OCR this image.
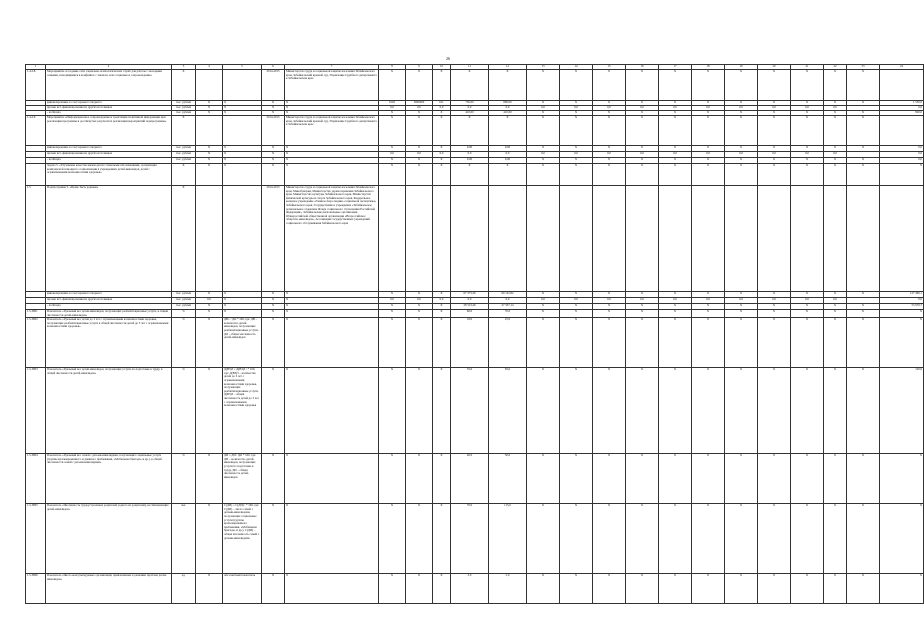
26
1	2	3	4	5	6	7	8	9	10	11	12	13	14	15	16	17	18	19	20	21	22	23	24
1.4.2.8.	Мероприятие «Создание сети социально-психологических служб для работы с молодыми семьями, находящимися в конфликте с законом, и их социальное сопровождение»	X			2014-2015	Министерство труда и социальной защиты населения Забайкальского края, Забайкальский краевой суд, Управление Судебного департамента в Забайкальском крае	X	X	X	X	X	X	X	X	X	X	X	X	X	X	X	X	
	финансирование за счет краевого бюджета	тыс. рублей	X	X	X	X	1002	3690000	611	750,00	800,00	X	X	X	X	X	X	X	X	X	X	X	1 550,0
	прочие ист. финансирования из других источников	тыс. рублей	X	X	X	X	0,0	0,0	0,0	0,0	0,0	0,0	0,0	0,0	0,0	0,0	0,0	0,0	0,0	0,0	0,0		0,0
	- из Фонда	тыс. рублей	X	X	X	X	X	X	X	410,00	410,00	X	X	X	X	X	X	X	X	X	X	X	820,0
1.4.2.9.	Мероприятие «Информационное сопровождение и трансляция позитивной информации при реализации программы и достигнутых результатах реализации мероприятий подпрограммы»	X			2014-2015	Министерство труда и социальной защиты населения Забайкальского края, Забайкальский краевой суд, Управление Судебного департамента в Забайкальском крае	X	X	X	X	X	X	X	X	X	X	X	X	X	X	X	X	
	финансирование за счет краевого бюджета	тыс. рублей	X	X	X	X	X	X	X	0,00	0,00	X	X	X	X	X	X	X	X	X	X	X	0,0
	прочие ист. финансирования из других источников	тыс. рублей	X	X	X	X	0,0	0,0	0,0	0,0	0,0	0,0	0,0	0,0	0,0	0,0	0,0	0,0	0,0	0,0	0,0		0,0
	- из Фонда	тыс. рублей	X	X	X	X	X	X	X	0,00	0,00	X	X	X	X	X	X	X	X	X	X	X	0,0
	Задача 5. «Улучшение качества жизни детей с тяжелыми заболеваниями, организация комплексной помощи по социализации в учреждениях детей-инвалидов, детей с ограниченными возможностями здоровья»	X	X	X	X	X	X	X	X	X	X	X	X	X	X	X	X	X	X	X	X	X	X
1.5	Подпрограмма 5. «Право быть родным»	X			2014-2015	Министерство труда и социальной защиты населения Забайкальского края, Минобрнауки, Министерство здравоохранения Забайкальского края, Министерство культуры Забайкальского края, Министерство физической культуры и спорта Забайкальского края, Федеральное казенное учреждение «Главное бюро медико-социальной экспертизы» Забайкальского края, Государственное учреждение «Забайкальское региональное отделение Фонда социального страхования Российской Федерации», Забайкальские региональные организации Общероссийской общественной организации «Всероссийское общество инвалидов», Ассоциация государственных учреждений социального обслуживания Забайкальского края																	
	финансирование за счет краевого бюджета	тыс. рублей	X	X	X	X	X	X	X	67 373,26	60 122,82	X	X	X	X	X	X	X	X	X	X	X	127 496,1
	прочие ист. финансирования из других источников	тыс. рублей	0,0	X	X	X	0,0	0,0	0,0	0,0	0,0	0,0	0,0	0,0	0,0	0,0	0,0	0,0	0,0	0,0	0,0		0,0
	- из Фонда	тыс. рублей	X	X	X	X	X	X	X	28 313,46	27 357,14	X	X	X	X	X	X	X	X	X	X	X	55 670,7
1.5-ПП1	Показатель «Удельный вес детей-инвалидов, получающих реабилитационные услуги, в общей численности детей-инвалидов»	%	X	X	X	X	X	X	X	60,0	70,0	X	X	X	X	X	X	X	X	X	X	X	X
1.5-ПП2	Показатель «Удельный вес детей до 3 лет с ограниченными возможностями здоровья, получающих реабилитационные услуги в общей численности детей до 3 лет с ограниченными возможностями здоровья»	%	X	ДВ= / ДО * 100, где: ДВ – количество детей-инвалидов, получающих реабилитационные услуги, ДО - общая численность детей-инвалидов	X	X	X	X	X	18,0	25,0	X	X	X	X	X	X	X	X	X	X	X	X
1.5-ПП3	Показатель «Удельный вес детей-инвалидов, получающих услуги по подготовке к труду, в общей численности детей-инвалидов»	%	X	Д(ВЗ)3 = Д(ВЗ)3 / * 100, где: Д(ВЗ)3 – количество детей до 3 лет с ограниченными возможностями здоровья, получающих реабилитационные услуги, Д(ВЗ)3 – общая численность детей до 3 лет с ограниченными возможностями здоровья	X	X	X	X	X	55,0	65,0	X	X	X	X	X	X	X	X	X	X	X	120,0
1.5-ПП4	Показатель «Удельный вес семей с детьми-инвалидами, получающих социальные услуги (группы кратковременного и дневного пребывания, «Мобильная бригада» и др.), в общей численности семей с детьми-инвалидами»	%	X	ДИ = ДИ / ДО * 100, где: ДИ – количество детей-инвалидов, получающих услуги по подготовке к труду, ДИ – общая численность детей-инвалидов	X	X	X	X	X	40,0	50,0	X	X	X	X	X	X	X	X	X	X	X	X
1.5-ПП5	Показатель «Численность трудоустроенных родителей (одного из родителей), воспитывающих детей-инвалидов»	чел.	X	С(ДИ) = С(ДИ) / * 100, где: С(ДИ) – число семей с детьми-инвалидами, получающих социальные услуги (группы кратковременного пребывания, «Мобильная бригада» и др.), С(ДИ) – общая численность семей с детьми-инвалидами	X	X	X	X	X	70,0	115,0	X	X	X	X	X	X	X	X	X	X	X	X
1.5-ПП6	Показатель «Число консультируемых организаций, привлеченных к решению проблем детей-инвалидов»	ед.	X	Абсолютный показатель	X	X	X	X	X	3,0	5,0	X	X	X	X	X	X	X	X	X	X	X	X
